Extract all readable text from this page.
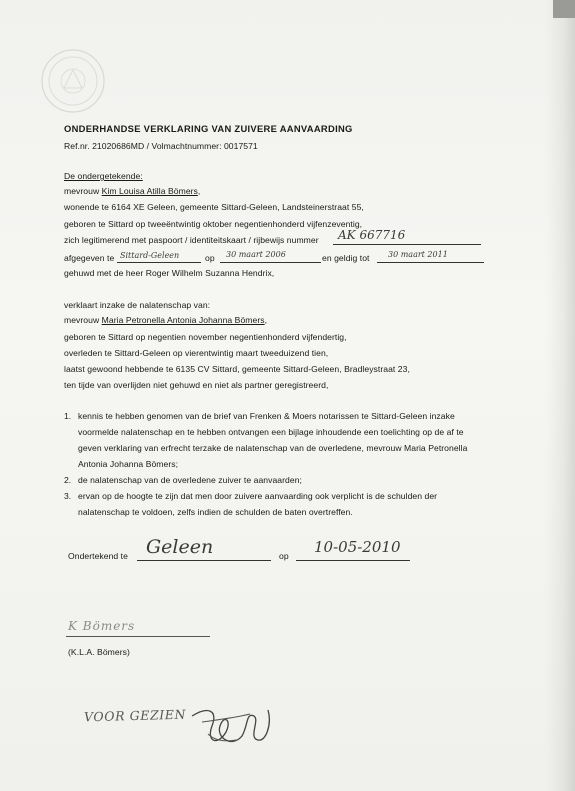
ONDERHANDSE VERKLARING VAN ZUIVERE AANVAARDING
Ref.nr. 21020686MD / Volmachtnummer: 0017571
De ondergetekende:
mevrouw Kim Louisa Atilla Bömers,
wonende te 6164 XE Geleen, gemeente Sittard-Geleen, Landsteinerstraat 55,
geboren te Sittard op tweeëntwintig oktober negentienhonderd vijfenzeventig,
zich legitimerend met paspoort / identiteitskaart / rijbewijs nummer AK 667716
afgegeven te Sittard-Geleen	op 30 maart 2006	en geldig tot 30 maart 2011
gehuwd met de heer Roger Wilhelm Suzanna Hendrix,
verklaart inzake de nalatenschap van:
mevrouw Maria Petronella Antonia Johanna Bömers,
geboren te Sittard op negentien november negentienhonderd vijfendertig,
overleden te Sittard-Geleen op vierentwintig maart tweeduizend tien,
laatst gewoond hebbende te 6135 CV Sittard, gemeente Sittard-Geleen, Bradleystraat 23,
ten tijde van overlijden niet gehuwd en niet als partner geregistreerd,
1. kennis te hebben genomen van de brief van Frenken & Moers notarissen te Sittard-Geleen inzake
voormelde nalatenschap en te hebben ontvangen een bijlage inhoudende een toelichting op de af te
geven verklaring van erfrecht terzake de nalatenschap van de overledene, mevrouw Maria Petronella
Antonia Johanna Bömers;
2. de nalatenschap van de overledene zuiver te aanvaarden;
3. ervan op de hoogte te zijn dat men door zuivere aanvaarding ook verplicht is de schulden der
nalatenschap te voldoen, zelfs indien de schulden de baten overtreffen.
Ondertekend te Geleen	op 10-05-2010
K Bömers
(K.L.A. Bömers)
VOOR GEZIEN
